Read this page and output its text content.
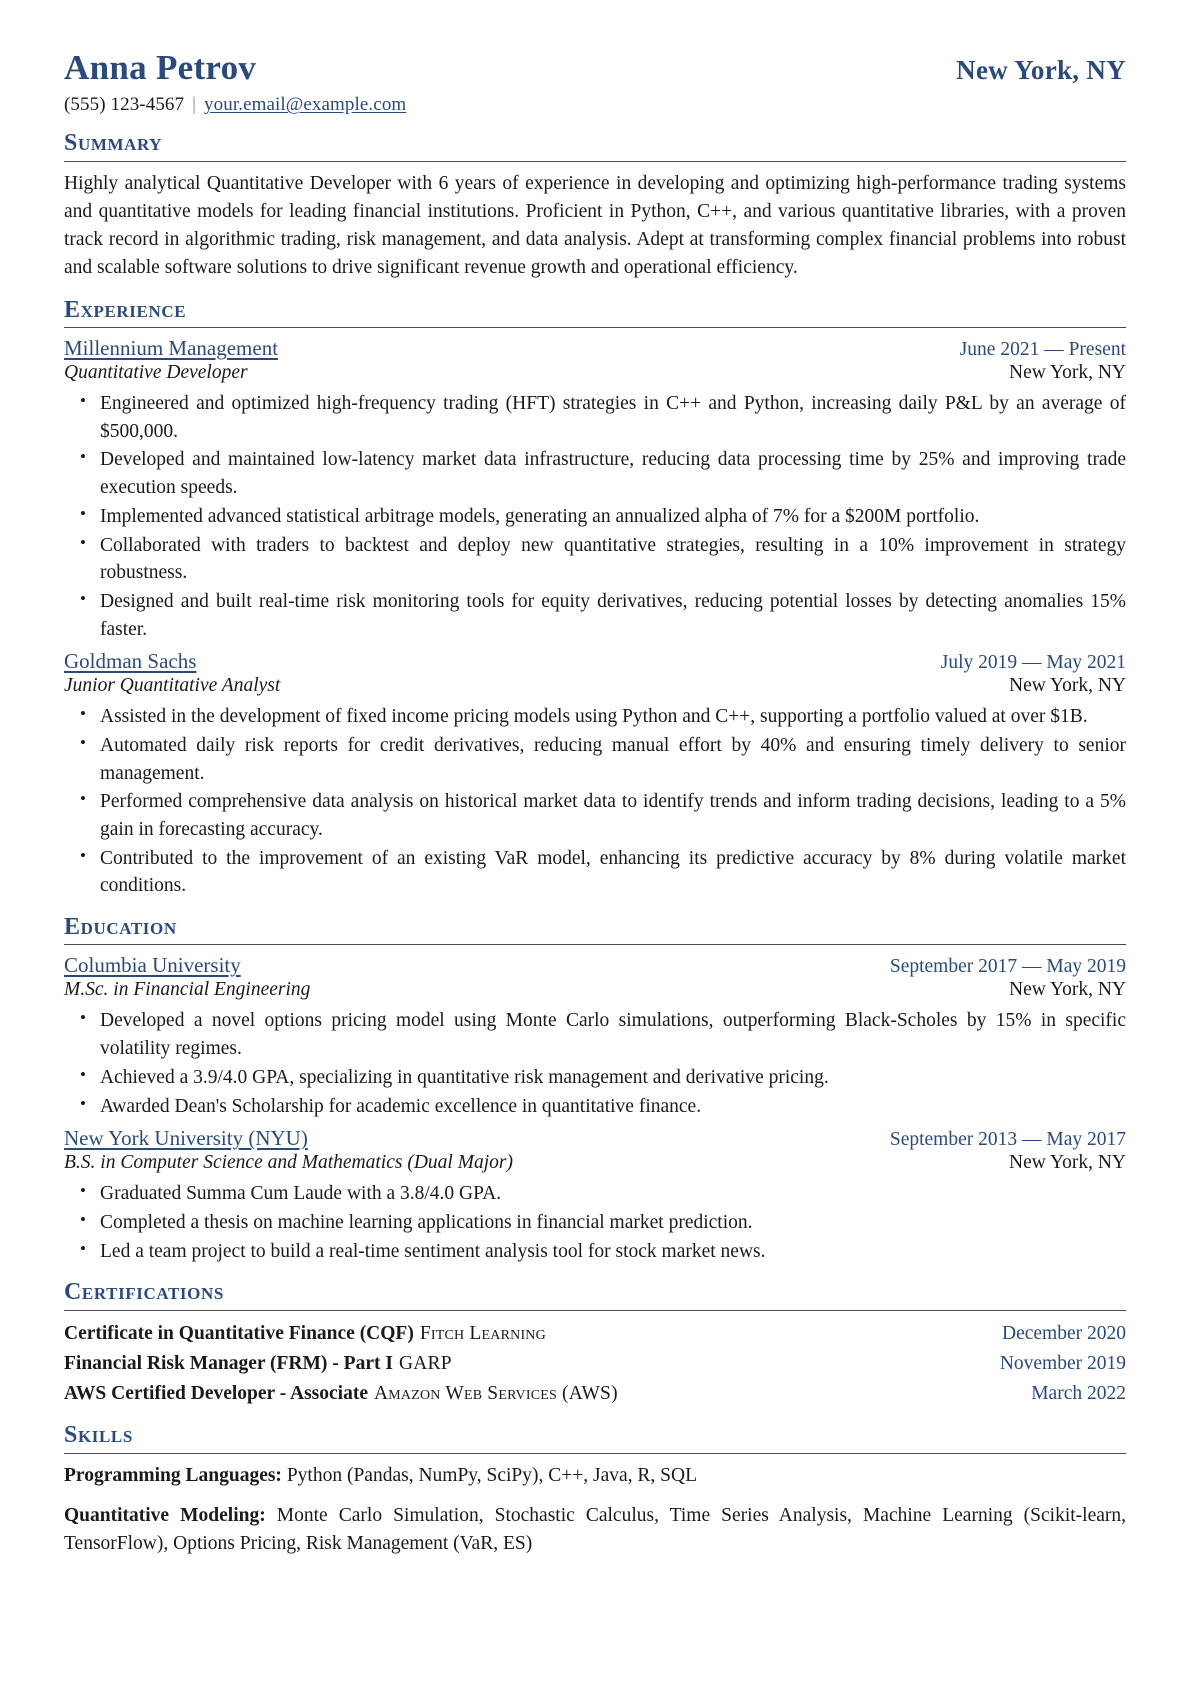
Anna Petrov	New York, NY
(555) 123-4567 | your.email@example.com
Summary

Highly analytical Quantitative Developer with 6 years of experience in developing and optimizing high-performance trading systems and quantitative models for leading financial institutions. Proficient in Python, C++, and various quantitative libraries, with a proven track record in algorithmic trading, risk management, and data analysis. Adept at transforming complex financial problems into robust and scalable software solutions to drive significant revenue growth and operational efficiency.

Experience
Millennium Management	June 2021 — Present
Quantitative Developer	New York, NY
• Engineered and optimized high-frequency trading (HFT) strategies in C++ and Python, increasing daily P&L by an average of $500,000.
• Developed and maintained low-latency market data infrastructure, reducing data processing time by 25% and improving trade execution speeds.
• Implemented advanced statistical arbitrage models, generating an annualized alpha of 7% for a $200M portfolio.
• Collaborated with traders to backtest and deploy new quantitative strategies, resulting in a 10% improvement in strategy robustness.
• Designed and built real-time risk monitoring tools for equity derivatives, reducing potential losses by detecting anomalies 15% faster.
Goldman Sachs	July 2019 — May 2021
Junior Quantitative Analyst	New York, NY
• Assisted in the development of fixed income pricing models using Python and C++, supporting a portfolio valued at over $1B.
• Automated daily risk reports for credit derivatives, reducing manual effort by 40% and ensuring timely delivery to senior management.
• Performed comprehensive data analysis on historical market data to identify trends and inform trading decisions, leading to a 5% gain in forecasting accuracy.
• Contributed to the improvement of an existing VaR model, enhancing its predictive accuracy by 8% during volatile market conditions.
Education
Columbia University	September 2017 — May 2019
M.Sc. in Financial Engineering	New York, NY
• Developed a novel options pricing model using Monte Carlo simulations, outperforming Black-Scholes by 15% in specific volatility regimes.
• Achieved a 3.9/4.0 GPA, specializing in quantitative risk management and derivative pricing.
• Awarded Dean's Scholarship for academic excellence in quantitative finance.
New York University (NYU)	September 2013 — May 2017
B.S. in Computer Science and Mathematics (Dual Major)	New York, NY
• Graduated Summa Cum Laude with a 3.8/4.0 GPA.
• Completed a thesis on machine learning applications in financial market prediction.
• Led a team project to build a real-time sentiment analysis tool for stock market news.
Certifications
Certificate in Quantitative Finance (CQF) Fitch Learning	December 2020
Financial Risk Manager (FRM) - Part I GARP	November 2019
AWS Certified Developer - Associate Amazon Web Services (AWS)	March 2022
Skills
Programming Languages: Python (Pandas, NumPy, SciPy), C++, Java, R, SQL
Quantitative Modeling: Monte Carlo Simulation, Stochastic Calculus, Time Series Analysis, Machine Learning (Scikit-learn, TensorFlow), Options Pricing, Risk Management (VaR, ES)
